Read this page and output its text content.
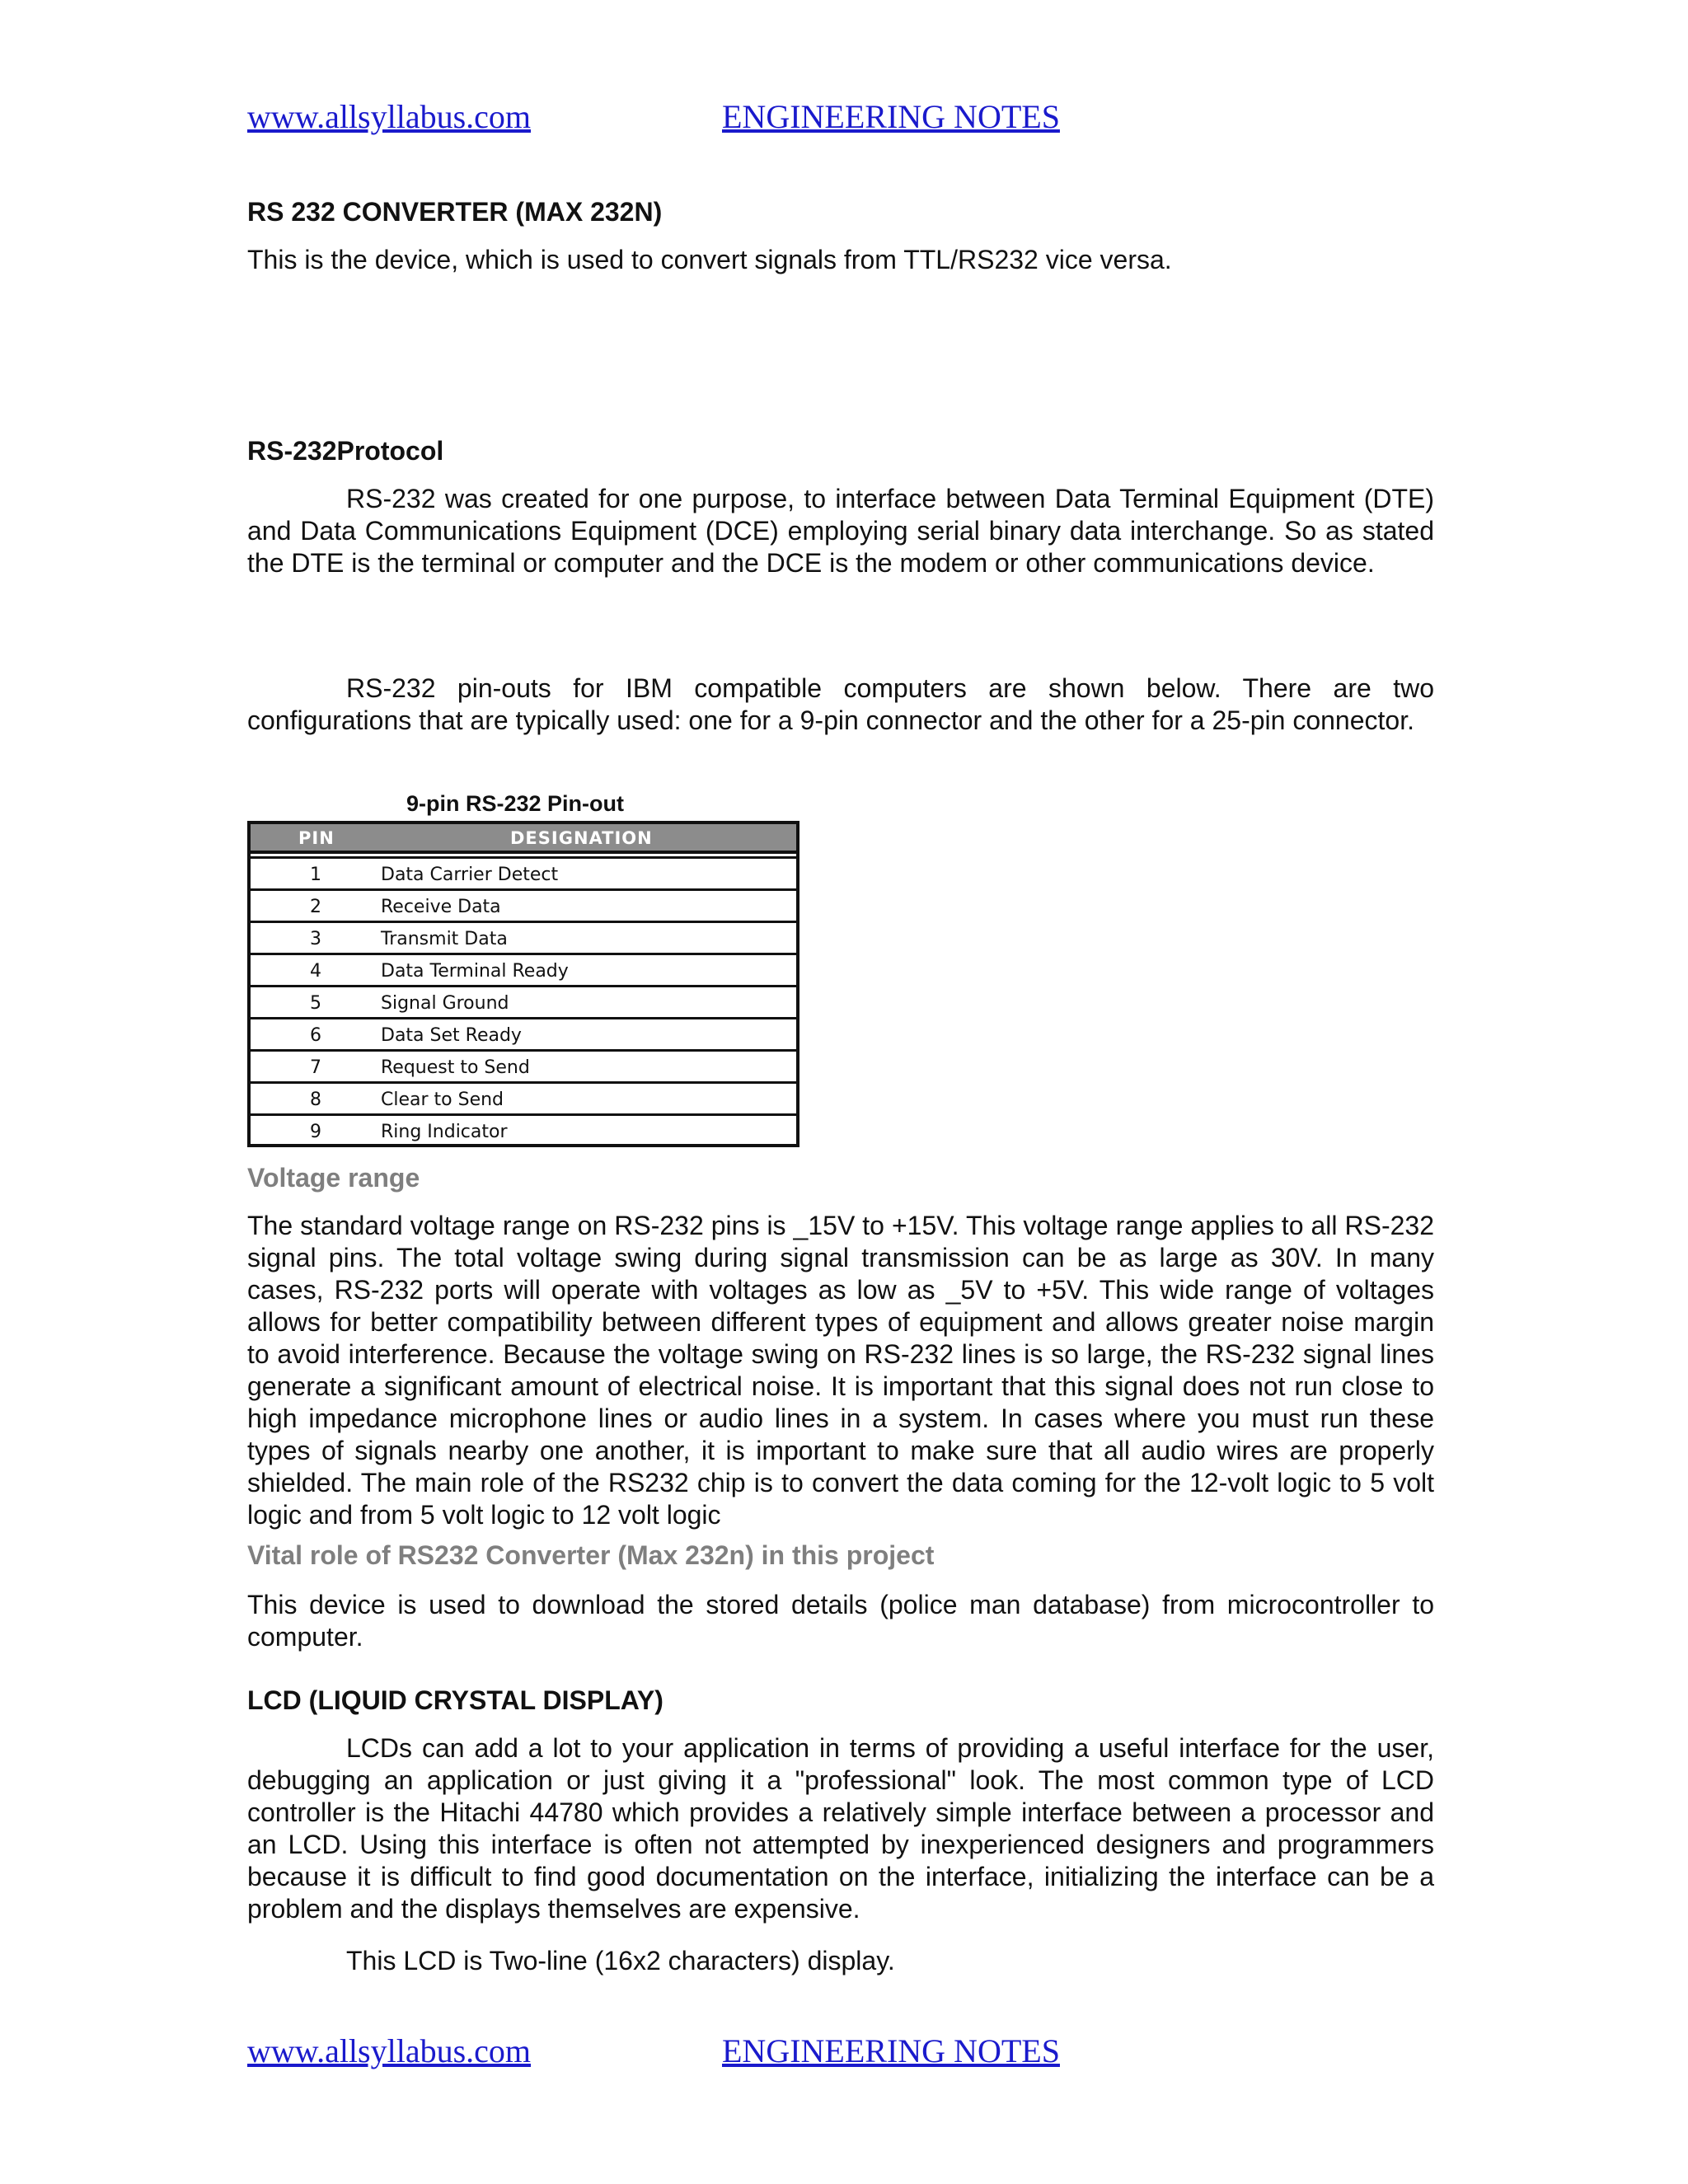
www.allsyllabus.com	ENGINEERING NOTES
RS 232 CONVERTER (MAX 232N)
This is the device, which is used to convert signals from TTL/RS232 vice versa.
RS-232Protocol

RS-232 was created for one purpose, to interface between Data Terminal Equipment (DTE) and Data Communications Equipment (DCE) employing serial binary data interchange. So as stated the DTE is the terminal or computer and the DCE is the modem or other communications device.

RS-232 pin-outs for IBM compatible computers are shown below. There are two configurations that are typically used: one for a 9-pin connector and the other for a 25-pin connector.

9-pin RS-232 Pin-out
PIN	DESIGNATION
1	Data Carrier Detect
2	Receive Data
3	Transmit Data
4	Data Terminal Ready
5	Signal Ground
6	Data Set Ready
7	Request to Send
8	Clear to Send
9	Ring Indicator
Voltage range

The standard voltage range on RS-232 pins is _15V to +15V. This voltage range applies to all RS-232 signal pins. The total voltage swing during signal transmission can be as large as 30V. In many cases, RS-232 ports will operate with voltages as low as _5V to +5V. This wide range of voltages allows for better compatibility between different types of equipment and allows greater noise margin to avoid interference. Because the voltage swing on RS-232 lines is so large, the RS-232 signal lines generate a significant amount of electrical noise. It is important that this signal does not run close to high impedance microphone lines or audio lines in a system. In cases where you must run these types of signals nearby one another, it is important to make sure that all audio wires are properly shielded. The main role of the RS232 chip is to convert the data coming for the 12-volt logic to 5 volt logic and from 5 volt logic to 12 volt logic

Vital role of RS232 Converter (Max 232n) in this project

This device is used to download the stored details (police man database) from microcontroller to computer.

LCD (LIQUID CRYSTAL DISPLAY)

LCDs can add a lot to your application in terms of providing a useful interface for the user, debugging an application or just giving it a "professional" look. The most common type of LCD controller is the Hitachi 44780 which provides a relatively simple interface between a processor and an LCD. Using this interface is often not attempted by inexperienced designers and programmers because it is difficult to find good documentation on the interface, initializing the interface can be a problem and the displays themselves are expensive.

This LCD is Two-line (16x2 characters) display.

www.allsyllabus.com	ENGINEERING NOTES
